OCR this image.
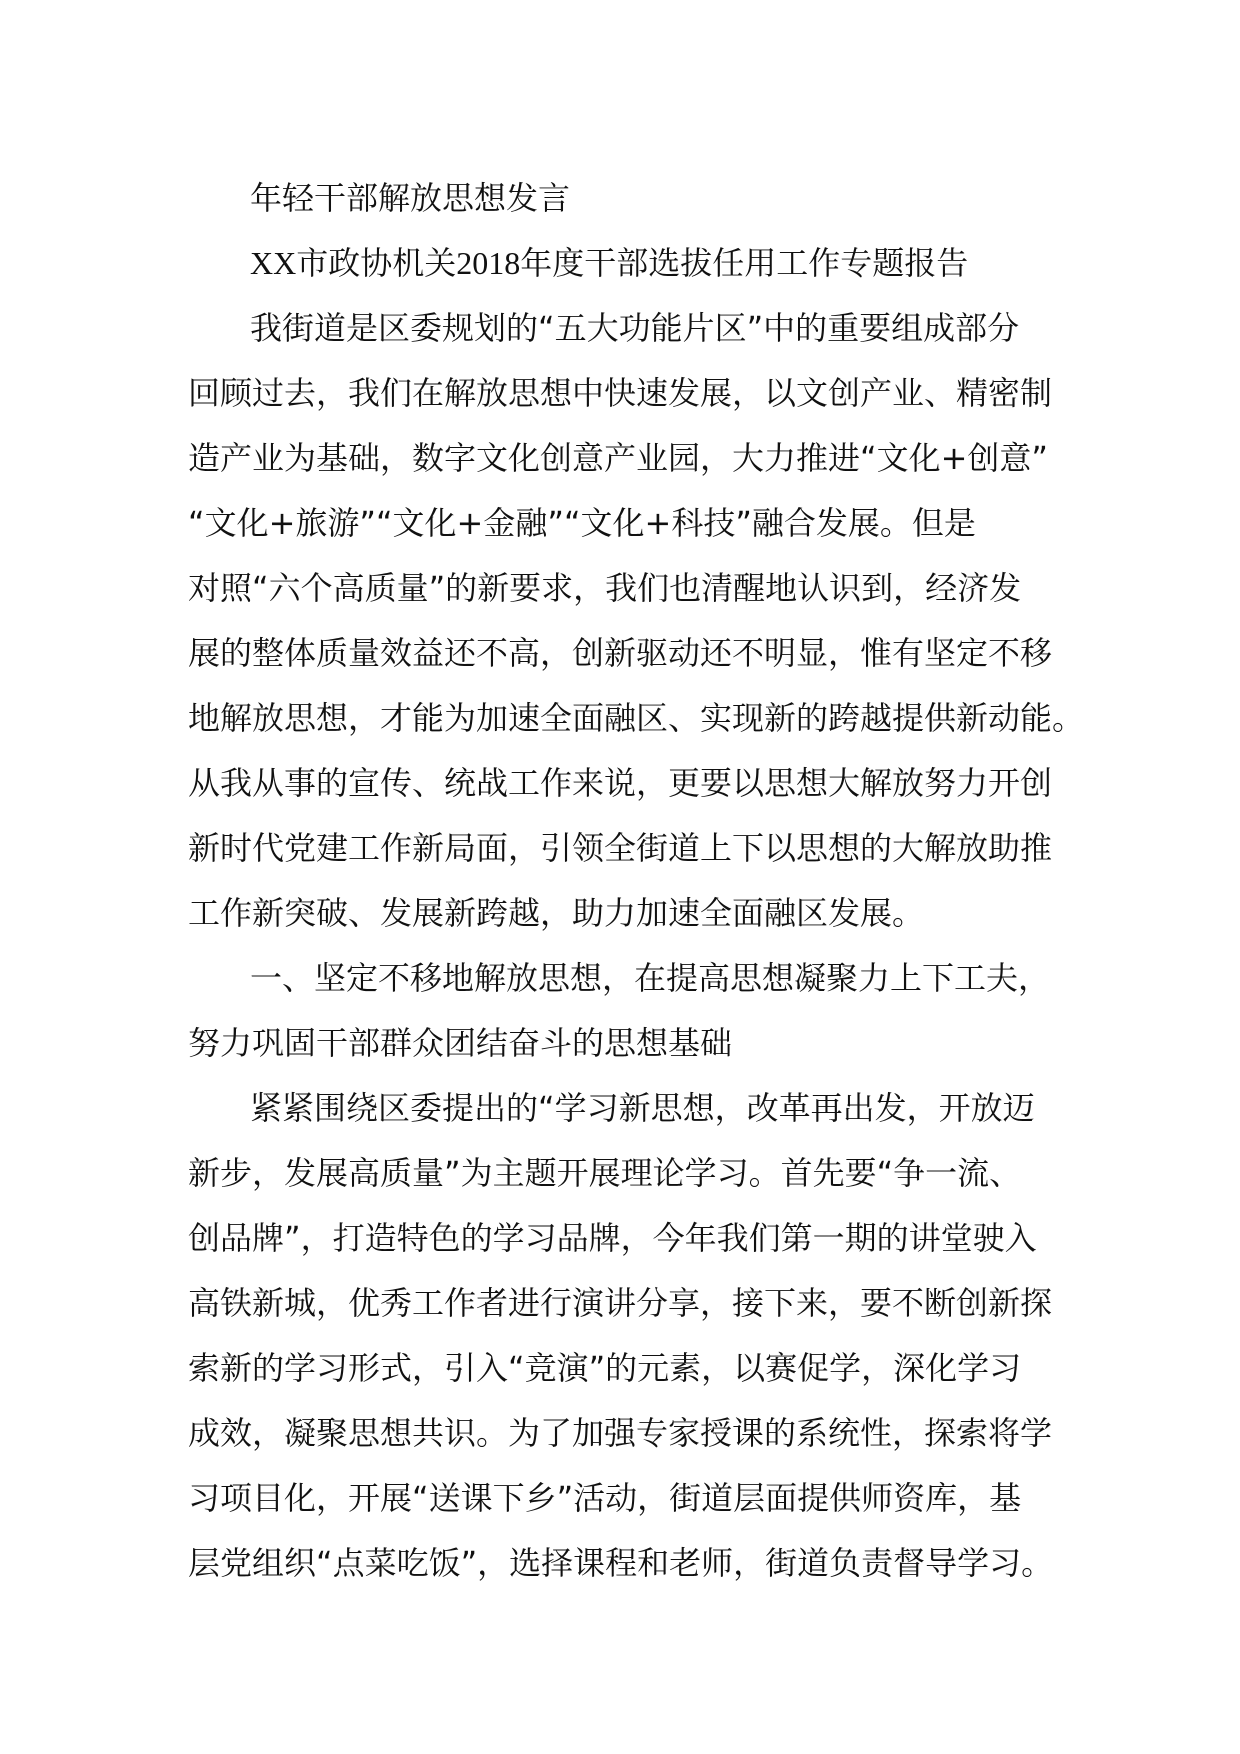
年轻干部解放思想发言
XX市政协机关2018年度干部选拔任用工作专题报告
我街道是区委规划的“五大功能片区”中的重要组成部分
回顾过去，我们在解放思想中快速发展，以文创产业、精密制
造产业为基础，数字文化创意产业园，大力推进“文化+创意”
“文化+旅游”“文化+金融”“文化+科技”融合发展。但是
对照“六个高质量”的新要求，我们也清醒地认识到，经济发
展的整体质量效益还不高，创新驱动还不明显，惟有坚定不移
地解放思想，才能为加速全面融区、实现新的跨越提供新动能。
从我从事的宣传、统战工作来说，更要以思想大解放努力开创
新时代党建工作新局面，引领全街道上下以思想的大解放助推
工作新突破、发展新跨越，助力加速全面融区发展。
一、坚定不移地解放思想，在提高思想凝聚力上下工夫，
努力巩固干部群众团结奋斗的思想基础
紧紧围绕区委提出的“学习新思想，改革再出发，开放迈
新步，发展高质量”为主题开展理论学习。首先要“争一流、
创品牌”，打造特色的学习品牌，今年我们第一期的讲堂驶入
高铁新城，优秀工作者进行演讲分享，接下来，要不断创新探
索新的学习形式，引入“竞演”的元素，以赛促学，深化学习
成效，凝聚思想共识。为了加强专家授课的系统性，探索将学
习项目化，开展“送课下乡”活动，街道层面提供师资库，基
层党组织“点菜吃饭”，选择课程和老师，街道负责督导学习。
